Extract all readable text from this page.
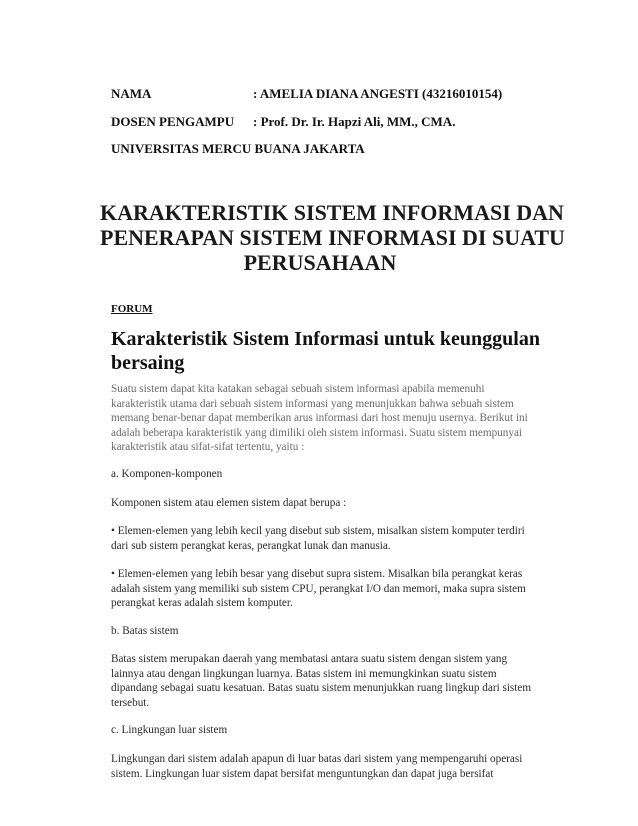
NAMA	: AMELIA DIANA ANGESTI (43216010154)
DOSEN PENGAMPU : Prof. Dr. Ir. Hapzi Ali, MM., CMA.
UNIVERSITAS MERCU BUANA JAKARTA
KARAKTERISTIK SISTEM INFORMASI DAN
PENERAPAN SISTEM INFORMASI DI SUATU
PERUSAHAAN
FORUM
Karakteristik Sistem Informasi untuk keunggulan
bersaing
Suatu sistem dapat kita katakan sebagai sebuah sistem informasi apabila memenuhi
karakteristik utama dari sebuah sistem informasi yang menunjukkan bahwa sebuah sistem
memang benar-benar dapat memberikan arus informasi dari host menuju usernya. Berikut ini
adalah beberapa karakteristik yang dimiliki oleh sistem informasi. Suatu sistem mempunyai
karakteristik atau sifat-sifat tertentu, yaitu :
a. Komponen-komponen
Komponen sistem atau elemen sistem dapat berupa :
• Elemen-elemen yang lebih kecil yang disebut sub sistem, misalkan sistem komputer terdiri
dari sub sistem perangkat keras, perangkat lunak dan manusia.
• Elemen-elemen yang lebih besar yang disebut supra sistem. Misalkan bila perangkat keras
adalah sistem yang memiliki sub sistem CPU, perangkat I/O dan memori, maka supra sistem
perangkat keras adalah sistem komputer.
b. Batas sistem
Batas sistem merupakan daerah yang membatasi antara suatu sistem dengan sistem yang
lainnya atau dengan lingkungan luarnya. Batas sistem ini memungkinkan suatu sistem
dipandang sebagai suatu kesatuan. Batas suatu sistem menunjukkan ruang lingkup dari sistem
tersebut.
c. Lingkungan luar sistem
Lingkungan dari sistem adalah apapun di luar batas dari sistem yang mempengaruhi operasi
sistem. Lingkungan luar sistem dapat bersifat menguntungkan dan dapat juga bersifat
